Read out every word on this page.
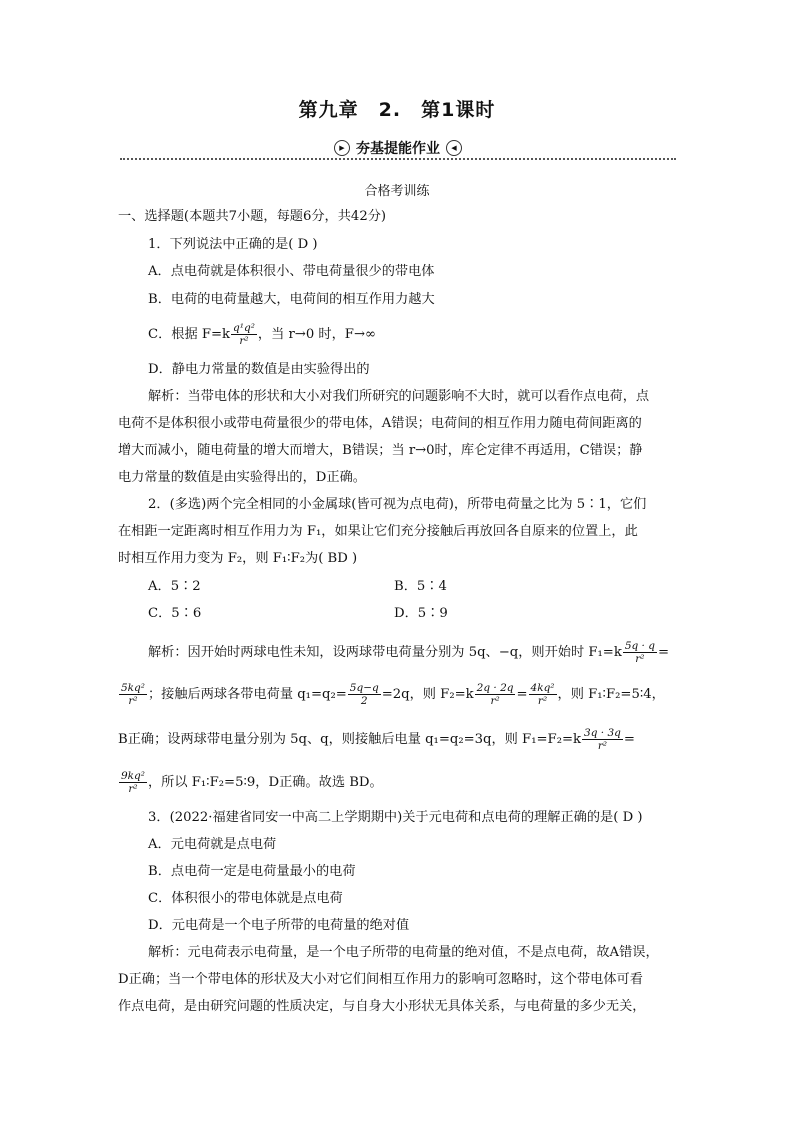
第九章　2.　第1课时
▶ 夯基提能作业	◀
合格考训练
一、选择题(本题共7小题，每题6分，共42分)
1．下列说法中正确的是( D )
A．点电荷就是体积很小、带电荷量很少的带电体
B．电荷的电荷量越大，电荷间的相互作用力越大
C．根据 $F=k \frac{\text{q¹q²}}{\text{r²}}$ ，当 r→0 时，F→∞
D．静电力常量的数值是由实验得出的
解析：当带电体的形状和大小对我们所研究的问题影响不大时，就可以看作点电荷，点
电荷不是体积很小或带电荷量很少的带电体，A错误；电荷间的相互作用力随电荷间距离的
增大而减小，随电荷量的增大而增大，B错误；当 r→0时，库仑定律不再适用，C错误；静
电力常量的数值是由实验得出的，D正确。
2．(多选)两个完全相同的小金属球(皆可视为点电荷)，所带电荷量之比为 5∶1，它们
在相距一定距离时相互作用力为 F₁，如果让它们充分接触后再放回各自原来的位置上，此
时相互作用力变为 F₂，则 F₁∶F₂为( BD )
A．5∶2	B．5∶4
C．5∶6	D．5∶9
解析：因开始时两球电性未知，设两球带电荷量分别为 5q、−q，则开始时 $F_1=k \frac{5q \cdot q}{\text{r²}}$ =
$\frac{\text{5kq²}}{\text{r²}}$ ；接触后两球各带电荷量 $q_1=q_2= \frac{5q-q}{2} =2q$，则 $F_2=k \frac{2q \cdot 2q}{\text{r²}} = \frac{\text{4kq²}}{\text{r²}}$ ，则 F₁∶F₂=5∶4，
B正确；设两球带电量分别为 5q、q，则接触后电量 q₁=q₂=3q，则 $F_1=F_2=k \frac{3q \cdot 3q}{\text{r²}}$ =
$\frac{\text{9kq²}}{\text{r²}}$ ，所以 F₁∶F₂=5∶9，D正确。故选 BD。
3．(2022·福建省同安一中高二上学期期中)关于元电荷和点电荷的理解正确的是( D )
A．元电荷就是点电荷
B．点电荷一定是电荷量最小的电荷
C．体积很小的带电体就是点电荷
D．元电荷是一个电子所带的电荷量的绝对值
解析：元电荷表示电荷量，是一个电子所带的电荷量的绝对值，不是点电荷，故A错误，
D正确；当一个带电体的形状及大小对它们间相互作用力的影响可忽略时，这个带电体可看
作点电荷，是由研究问题的性质决定，与自身大小形状无具体关系，与电荷量的多少无关，
